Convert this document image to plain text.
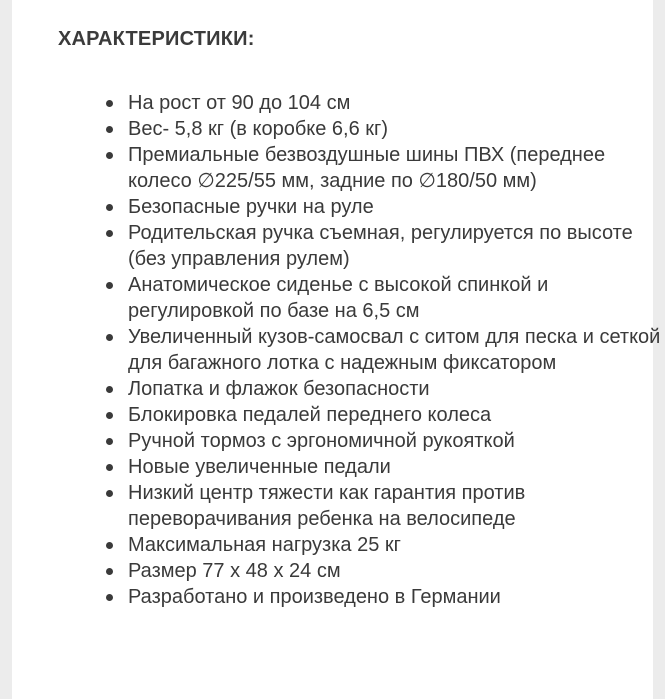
ХАРАКТЕРИСТИКИ:
На рост от 90 до 104 см
Вес- 5,8 кг (в коробке 6,6 кг)
Премиальные безвоздушные шины ПВХ (переднее колесо ∅225/55 мм, задние по ∅180/50 мм)
Безопасные ручки на руле
Родительская ручка съемная, регулируется по высоте (без управления рулем)
Анатомическое сиденье с высокой спинкой и регулировкой по базе на 6,5 см
Увеличенный кузов-самосвал с ситом для песка и сеткой для багажного лотка с надежным фиксатором
Лопатка и флажок безопасности
Блокировка педалей переднего колеса
Ручной тормоз с эргономичной рукояткой
Новые увеличенные педали
Низкий центр тяжести как гарантия против переворачивания ребенка на велосипеде
Максимальная нагрузка 25 кг
Размер 77 х 48 х 24 см
Разработано и произведено в Германии
